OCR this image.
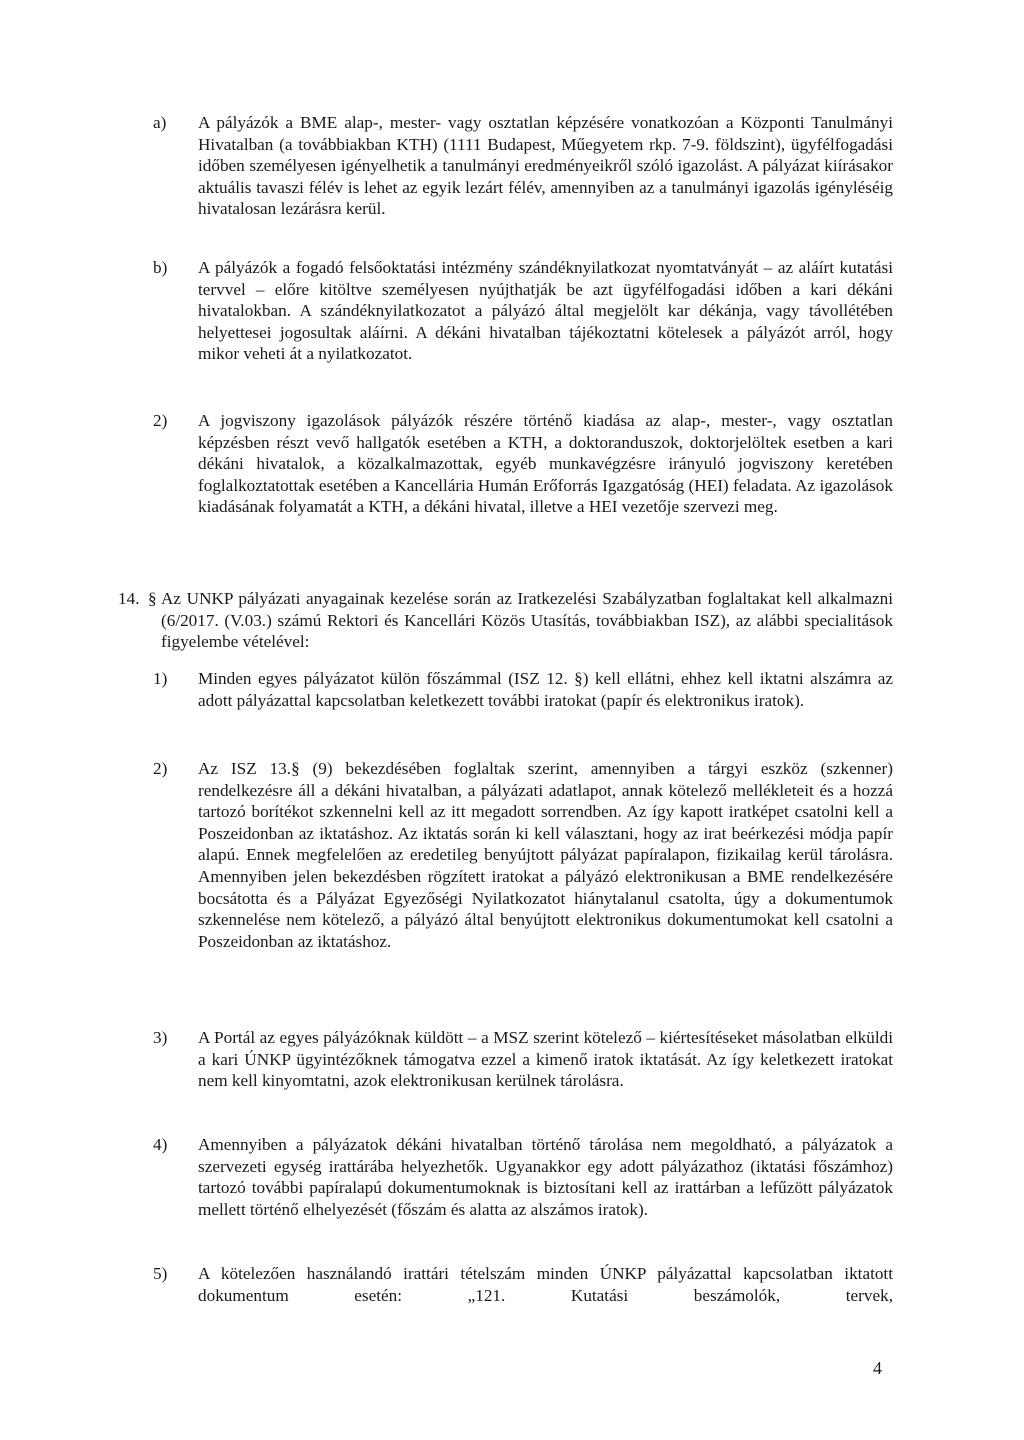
a)	A pályázók a BME alap-, mester- vagy osztatlan képzésére vonatkozóan a Központi Tanulmányi Hivatalban (a továbbiakban KTH) (1111 Budapest, Műegyetem rkp. 7-9. földszint), ügyfélfogadási időben személyesen igényelhetik a tanulmányi eredményeikről szóló igazolást. A pályázat kiírásakor aktuális tavaszi félév is lehet az egyik lezárt félév, amennyiben az a tanulmányi igazolás igényléséig hivatalosan lezárásra kerül.
b)	A pályázók a fogadó felsőoktatási intézmény szándéknyilatkozat nyomtatványát – az aláírt kutatási tervvel – előre kitöltve személyesen nyújthatják be azt ügyfélfogadási időben a kari dékáni hivatalokban. A szándéknyilatkozatot a pályázó által megjelölt kar dékánja, vagy távollétében helyettesei jogosultak aláírni. A dékáni hivatalban tájékoztatni kötelesek a pályázót arról, hogy mikor veheti át a nyilatkozatot.
2)	A jogviszony igazolások pályázók részére történő kiadása az alap-, mester-, vagy osztatlan képzésben részt vevő hallgatók esetében a KTH, a doktoranduszok, doktorjelöltek esetben a kari dékáni hivatalok, a közalkalmazottak, egyéb munkavégzésre irányuló jogviszony keretében foglalkoztatottak esetében a Kancellária Humán Erőforrás Igazgatóság (HEI) feladata. Az igazolások kiadásának folyamatát a KTH, a dékáni hivatal, illetve a HEI vezetője szervezi meg.
14. § Az UNKP pályázati anyagainak kezelése során az Iratkezelési Szabályzatban foglaltakat kell alkalmazni (6/2017. (V.03.) számú Rektori és Kancellári Közös Utasítás, továbbiakban ISZ), az alábbi specialitások figyelembe vételével:
1)	Minden egyes pályázatot külön főszámmal (ISZ 12. §) kell ellátni, ehhez kell iktatni alszámra az adott pályázattal kapcsolatban keletkezett további iratokat (papír és elektronikus iratok).
2)	Az ISZ 13.§ (9) bekezdésében foglaltak szerint, amennyiben a tárgyi eszköz (szkenner) rendelkezésre áll a dékáni hivatalban, a pályázati adatlapot, annak kötelező mellékleteit és a hozzá tartozó borítékot szkennelni kell az itt megadott sorrendben. Az így kapott iratképet csatolni kell a Poszeidonban az iktatáshoz. Az iktatás során ki kell választani, hogy az irat beérkezési módja papír alapú. Ennek megfelelően az eredetileg benyújtott pályázat papíralapon, fizikailag kerül tárolásra. Amennyiben jelen bekezdésben rögzített iratokat a pályázó elektronikusan a BME rendelkezésére bocsátotta és a Pályázat Egyezőségi Nyilatkozatot hiánytalanul csatolta, úgy a dokumentumok szkennelése nem kötelező, a pályázó által benyújtott elektronikus dokumentumokat kell csatolni a Poszeidonban az iktatáshoz.
3)	A Portál az egyes pályázóknak küldött – a MSZ szerint kötelező – kiértesítéseket másolatban elküldi a kari ÚNKP ügyintézőknek támogatva ezzel a kimenő iratok iktatását. Az így keletkezett iratokat nem kell kinyomtatni, azok elektronikusan kerülnek tárolásra.
4)	Amennyiben a pályázatok dékáni hivatalban történő tárolása nem megoldható, a pályázatok a szervezeti egység irattárába helyezhetők. Ugyanakkor egy adott pályázathoz (iktatási főszámhoz) tartozó további papíralapú dokumentumoknak is biztosítani kell az irattárban a lefűzött pályázatok mellett történő elhelyezését (főszám és alatta az alszámos iratok).
5)	A kötelezően használandó irattári tételszám minden ÚNKP pályázattal kapcsolatban iktatott dokumentum esetén: „121. Kutatási beszámolók, tervek,
4
